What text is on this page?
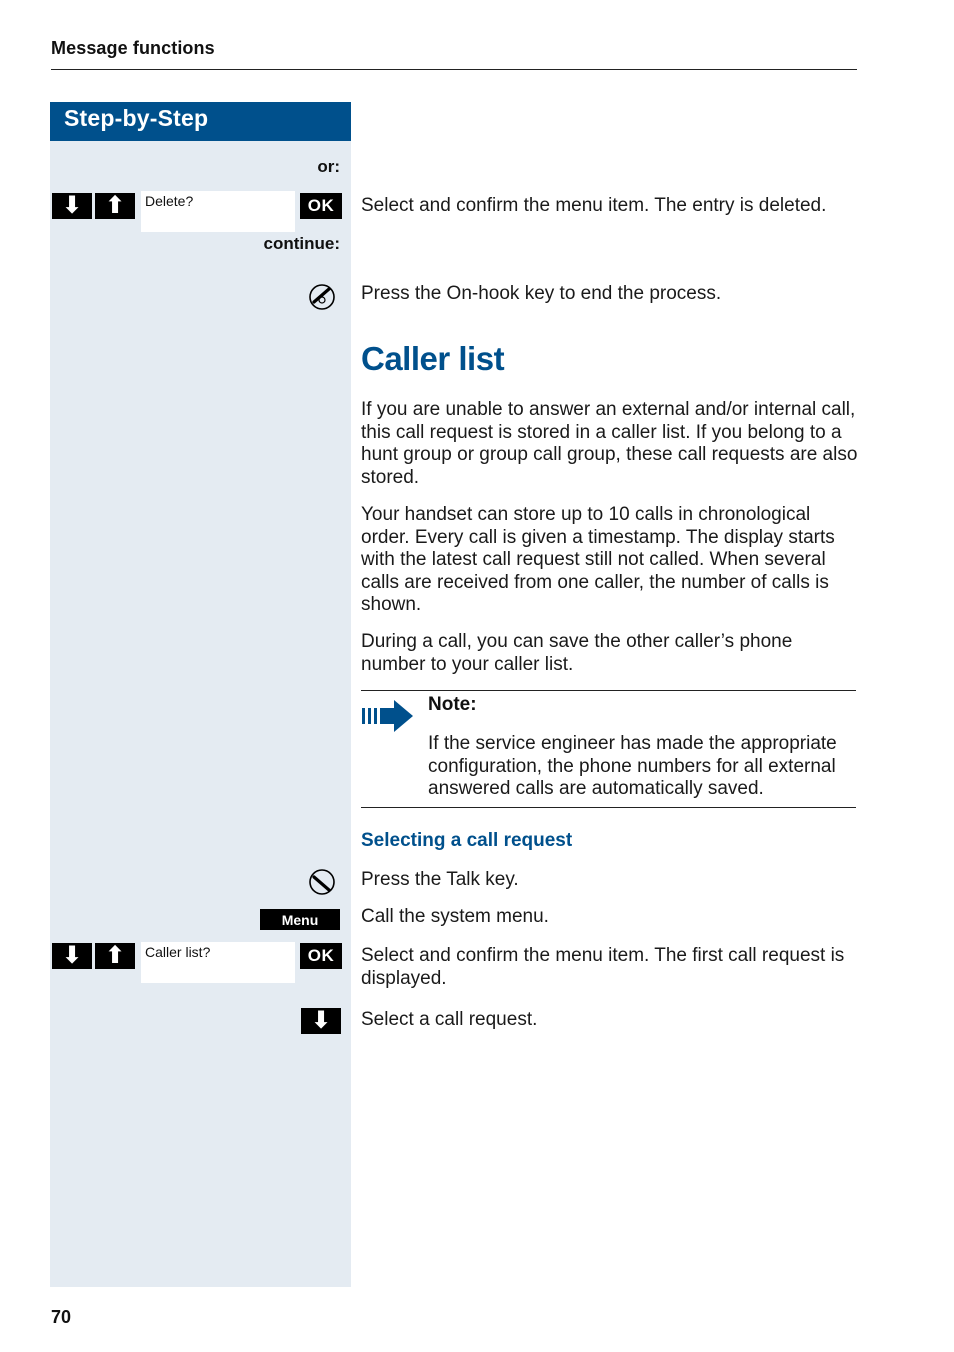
Message functions
Step-by-Step
or:
⬇ ⬆	Delete?	OK	Select and confirm the menu item. The entry is deleted.
continue:
Press the On-hook key to end the process.
Caller list
If you are unable to answer an external and/or internal call, this call request is stored in a caller list. If you belong to a hunt group or group call group, these call requests are also stored.
Your handset can store up to 10 calls in chronological order. Every call is given a timestamp. The display starts with the latest call request still not called. When several calls are received from one caller, the number of calls is shown.
During a call, you can save the other caller’s phone number to your caller list.
Note:
If the service engineer has made the appropriate configuration, the phone numbers for all external answered calls are automatically saved.
Selecting a call request
Press the Talk key.
Menu	Call the system menu.
⬇ ⬆	Caller list?	OK	Select and confirm the menu item. The first call request is displayed.
⬇	Select a call request.
70
